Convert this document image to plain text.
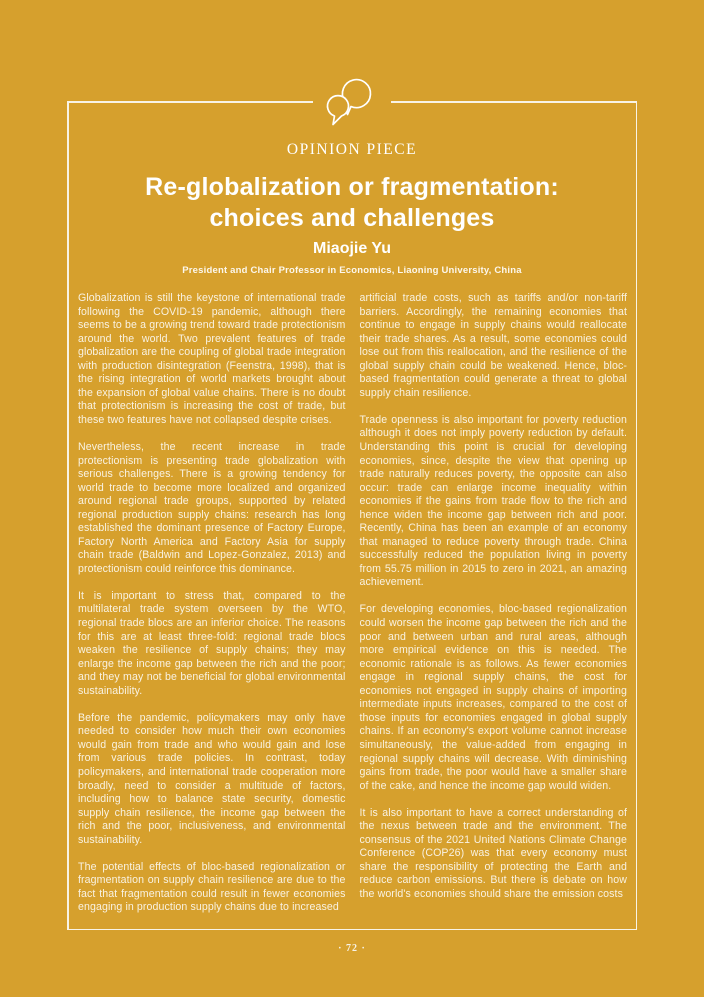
OPINION PIECE
Re-globalization or fragmentation:
choices and challenges
Miaojie Yu
President and Chair Professor in Economics, Liaoning University, China

Globalization is still the keystone of international trade following the COVID-19 pandemic, although there seems to be a growing trend toward trade protectionism around the world. Two prevalent features of trade globalization are the coupling of global trade integration with production disintegration (Feenstra, 1998), that is the rising integration of world markets brought about the expansion of global value chains. There is no doubt that protectionism is increasing the cost of trade, but these two features have not collapsed despite crises.

Nevertheless, the recent increase in trade protectionism is presenting trade globalization with serious challenges. There is a growing tendency for world trade to become more localized and organized around regional trade groups, supported by related regional production supply chains: research has long established the dominant presence of Factory Europe, Factory North America and Factory Asia for supply chain trade (Baldwin and Lopez-Gonzalez, 2013) and protectionism could reinforce this dominance.

It is important to stress that, compared to the multilateral trade system overseen by the WTO, regional trade blocs are an inferior choice. The reasons for this are at least three-fold: regional trade blocs weaken the resilience of supply chains; they may enlarge the income gap between the rich and the poor; and they may not be beneficial for global environmental sustainability.

Before the pandemic, policymakers may only have needed to consider how much their own economies would gain from trade and who would gain and lose from various trade policies. In contrast, today policymakers, and international trade cooperation more broadly, need to consider a multitude of factors, including how to balance state security, domestic supply chain resilience, the income gap between the rich and the poor, inclusiveness, and environmental sustainability.

The potential effects of bloc-based regionalization or fragmentation on supply chain resilience are due to the fact that fragmentation could result in fewer economies engaging in production supply chains due to increased

artificial trade costs, such as tariffs and/or non-tariff barriers. Accordingly, the remaining economies that continue to engage in supply chains would reallocate their trade shares. As a result, some economies could lose out from this reallocation, and the resilience of the global supply chain could be weakened. Hence, bloc-based fragmentation could generate a threat to global supply chain resilience.

Trade openness is also important for poverty reduction although it does not imply poverty reduction by default. Understanding this point is crucial for developing economies, since, despite the view that opening up trade naturally reduces poverty, the opposite can also occur: trade can enlarge income inequality within economies if the gains from trade flow to the rich and hence widen the income gap between rich and poor. Recently, China has been an example of an economy that managed to reduce poverty through trade. China successfully reduced the population living in poverty from 55.75 million in 2015 to zero in 2021, an amazing achievement.

For developing economies, bloc-based regionalization could worsen the income gap between the rich and the poor and between urban and rural areas, although more empirical evidence on this is needed. The economic rationale is as follows. As fewer economies engage in regional supply chains, the cost for economies not engaged in supply chains of importing intermediate inputs increases, compared to the cost of those inputs for economies engaged in global supply chains. If an economy's export volume cannot increase simultaneously, the value-added from engaging in regional supply chains will decrease. With diminishing gains from trade, the poor would have a smaller share of the cake, and hence the income gap would widen.

It is also important to have a correct understanding of the nexus between trade and the environment. The consensus of the 2021 United Nations Climate Change Conference (COP26) was that every economy must share the responsibility of protecting the Earth and reduce carbon emissions. But there is debate on how the world's economies should share the emission costs

· 72 ·
